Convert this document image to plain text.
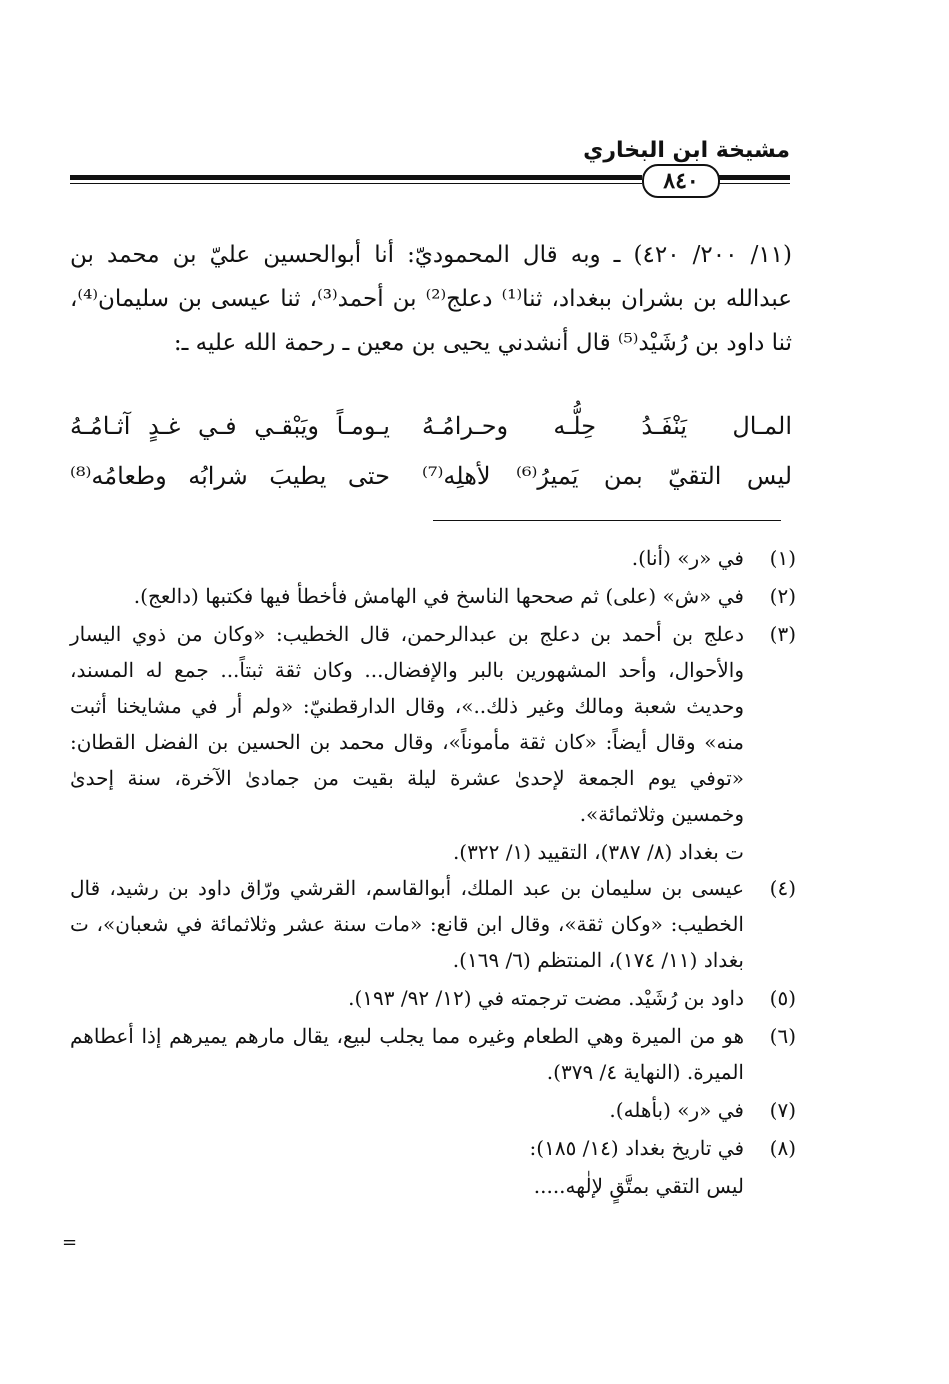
مشيخة ابن البخاري
٨٤٠

(١١/ ٢٠٠/ ٤٢٠) ـ وبه قال المحموديّ: أنا أبوالحسين عليّ بن محمد بن عبدالله بن بشران ببغداد، ثنا⁽¹⁾ دعلج⁽²⁾ بن أحمد⁽³⁾، ثنا عيسى بن سليمان⁽⁴⁾، ثنا داود بن رُشَيْد⁽⁵⁾ قال أنشدني يحيى بن معين ـ رحمة الله عليه ـ:

المـال يَنْفَـدُ حِلُّـه وحـرامُـهُ
يـومـاً ويَبْقـي فـي غـدٍ آثـامُـهُ
ليس التقيّ بمن يَميرُ⁽⁶⁾ لأهلِه⁽⁷⁾
حتى يطيبَ شرابُه وطعامُه⁽⁸⁾
(١)
في «ر» (أنا).
(٢)
في «ش» (على) ثم صححها الناسخ في الهامش فأخطأ فيها فكتبها (دالعج).
(٣)
دعلج بن أحمد بن دعلج بن عبدالرحمن، قال الخطيب: «وكان من ذوي اليسار والأحوال، وأحد المشهورين بالبر والإفضال... وكان ثقة ثبتاً... جمع له المسند، وحديث شعبة ومالك وغير ذلك..»، وقال الدارقطنيّ: «ولم أر في مشايخنا أثبت منه» وقال أيضاً: «كان ثقة مأموناً»، وقال محمد بن الحسين بن الفضل القطان: «توفي يوم الجمعة لإحدىٰ عشرة ليلة بقيت من جمادىٰ الآخرة، سنة إحدىٰ وخمسين وثلاثمائة».
ت بغداد (٨/ ٣٨٧)، التقييد (١/ ٣٢٢).
(٤)
عيسى بن سليمان بن عبد الملك، أبوالقاسم، القرشي ورّاق داود بن رشيد، قال الخطيب: «وكان ثقة»، وقال ابن قانع: «مات سنة عشر وثلاثمائة في شعبان»، ت بغداد (١١/ ١٧٤)، المنتظم (٦/ ١٦٩).
(٥)
داود بن رُشَيْد. مضت ترجمته في (١٢/ ٩٢/ ١٩٣).
(٦)
هو من الميرة وهي الطعام وغيره مما يجلب لبيع، يقال مارهم يميرهم إذا أعطاهم الميرة. (النهاية ٤/ ٣٧٩).
(٧)
في «ر» (بأهله).
(٨)
في تاريخ بغداد (١٤/ ١٨٥):
ليس التقي بمتَّقٍ لإلٰهه.....
=
